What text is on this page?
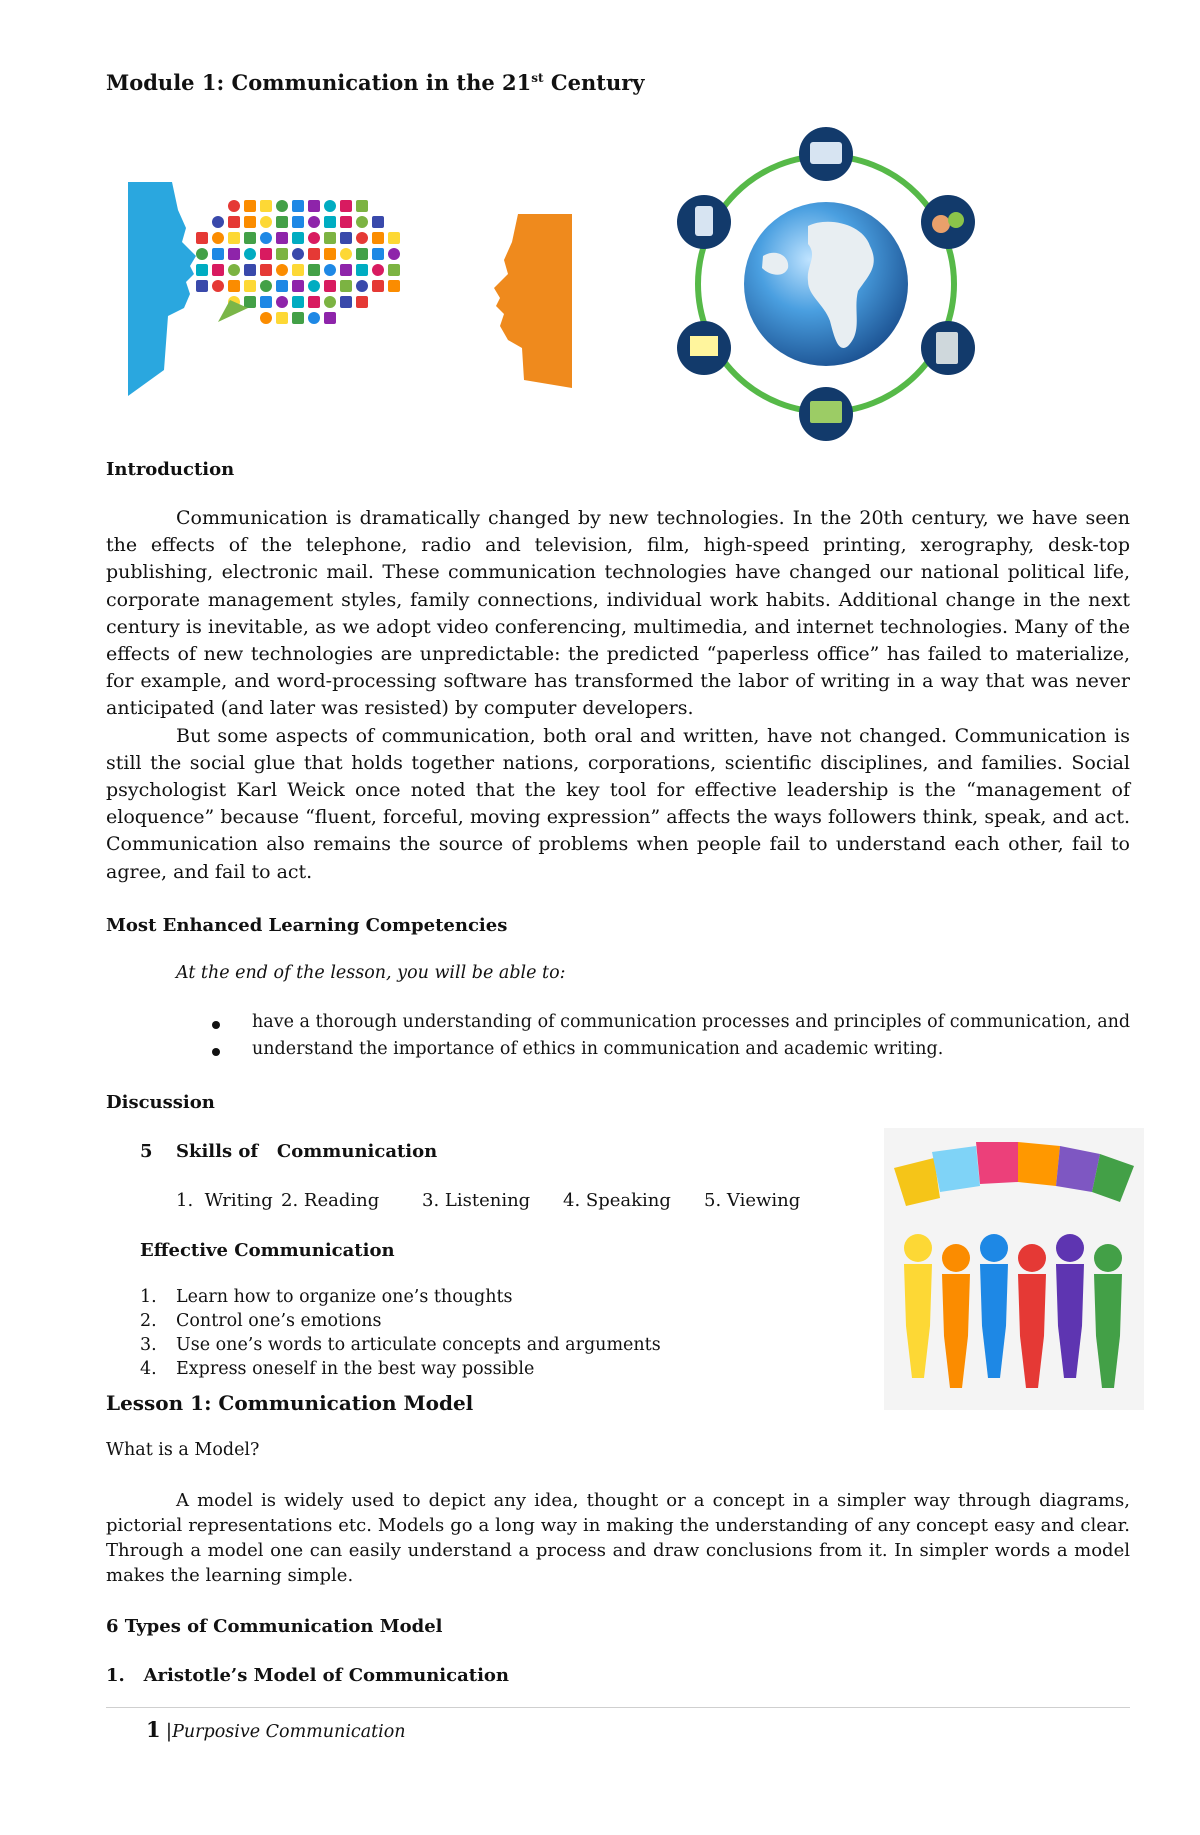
Module 1: Communication in the 21st Century
Introduction

Communication is dramatically changed by new technologies. In the 20th century, we have seen the effects of the telephone, radio and television, film, high-speed printing, xerography, desk-top publishing, electronic mail. These communication technologies have changed our national political life, corporate management styles, family connections, individual work habits. Additional change in the next century is inevitable, as we adopt video conferencing, multimedia, and internet technologies. Many of the effects of new technologies are unpredictable: the predicted “paperless office” has failed to materialize, for example, and word-processing software has transformed the labor of writing in a way that was never anticipated (and later was resisted) by computer developers.

But some aspects of communication, both oral and written, have not changed. Communication is still the social glue that holds together nations, corporations, scientific disciplines, and families. Social psychologist Karl Weick once noted that the key tool for effective leadership is the “management of eloquence” because “fluent, forceful, moving expression” affects the ways followers think, speak, and act. Communication also remains the source of problems when people fail to understand each other, fail to agree, and fail to act.

Most Enhanced Learning Competencies
At the end of the lesson, you will be able to:
have a thorough understanding of communication processes and principles of communication, and
understand the importance of ethics in communication and academic writing.
Discussion
5 Skills of   Communication
1.  Writing 2. Reading 3. Listening 4. Speaking 5. Viewing
Effective Communication
1. Learn how to organize one’s thoughts
2. Control one’s emotions
3. Use one’s words to articulate concepts and arguments
4. Express oneself in the best way possible
Lesson 1: Communication Model
What is a Model?

A model is widely used to depict any idea, thought or a concept in a simpler way through diagrams, pictorial representations etc. Models go a long way in making the understanding of any concept easy and clear. Through a model one can easily understand a process and draw conclusions from it. In simpler words a model makes the learning simple.

6 Types of Communication Model
1.   Aristotle’s Model of Communication
1 |Purposive Communication
